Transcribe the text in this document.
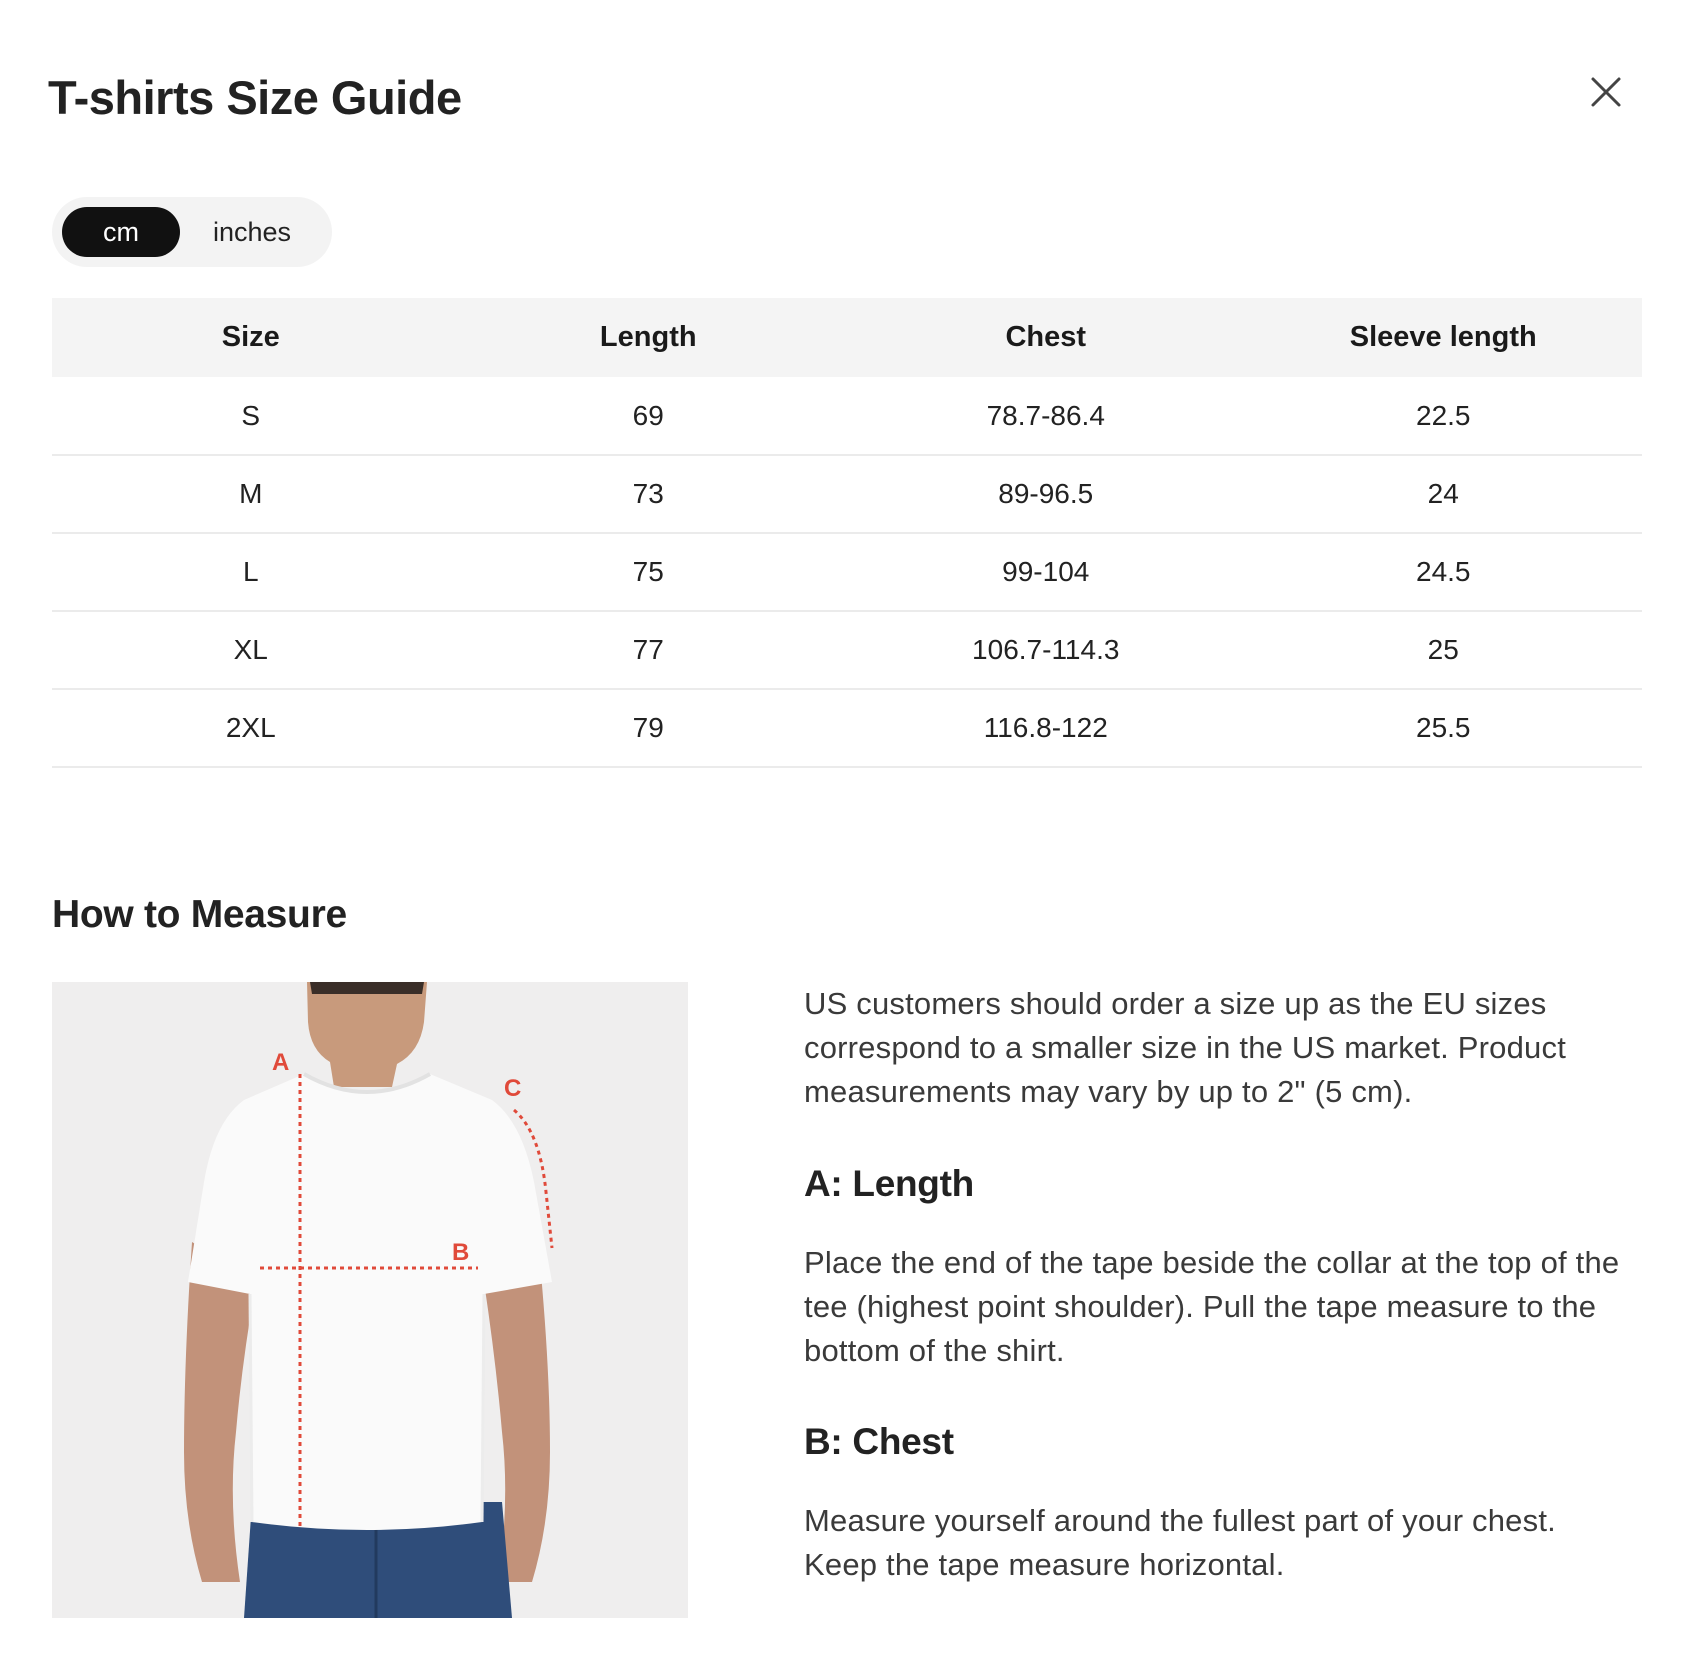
T-shirts Size Guide
cm	inches
Size	Length	Chest	Sleeve length
S	69	78.7-86.4	22.5
M	73	89-96.5	24
L	75	99-104	24.5
XL	77	106.7-114.3	25
2XL	79	116.8-122	25.5
How to Measure
A
B
C
US customers should order a size up as the EU sizes correspond to a smaller size in the US market. Product measurements may vary by up to 2" (5 cm).
A: Length
Place the end of the tape beside the collar at the top of the tee (highest point shoulder). Pull the tape measure to the bottom of the shirt.
B: Chest
Measure yourself around the fullest part of your chest. Keep the tape measure horizontal.
